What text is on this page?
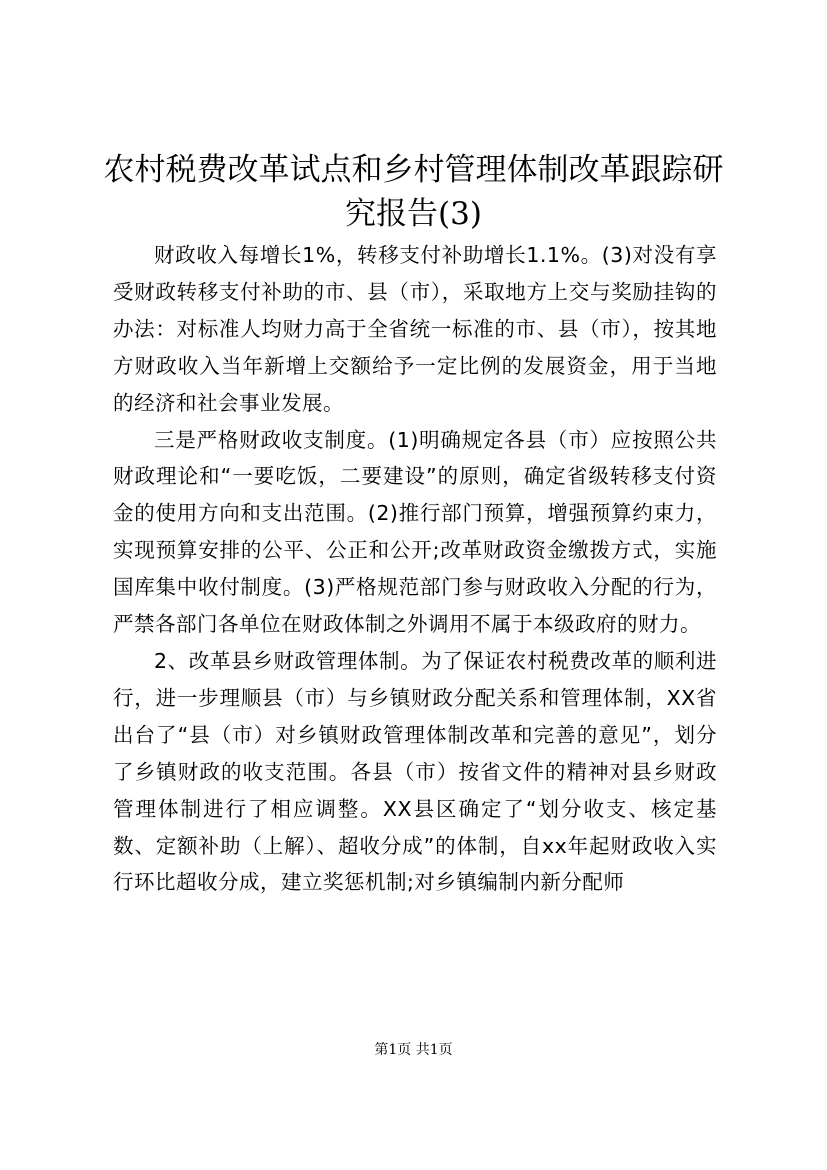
农村税费改革试点和乡村管理体制改革跟踪研究报告(3)

财政收入每增长1%，转移支付补助增长1.1%。(3)对没有享受财政转移支付补助的市、县（市），采取地方上交与奖励挂钩的办法：对标准人均财力高于全省统一标准的市、县（市），按其地方财政收入当年新增上交额给予一定比例的发展资金，用于当地的经济和社会事业发展。

三是严格财政收支制度。(1)明确规定各县（市）应按照公共财政理论和“一要吃饭，二要建设”的原则，确定省级转移支付资金的使用方向和支出范围。(2)推行部门预算，增强预算约束力，实现预算安排的公平、公正和公开;改革财政资金缴拨方式，实施国库集中收付制度。(3)严格规范部门参与财政收入分配的行为，严禁各部门各单位在财政体制之外调用不属于本级政府的财力。

2、改革县乡财政管理体制。为了保证农村税费改革的顺利进行，进一步理顺县（市）与乡镇财政分配关系和管理体制，XX省出台了“县（市）对乡镇财政管理体制改革和完善的意见”，划分了乡镇财政的收支范围。各县（市）按省文件的精神对县乡财政管理体制进行了相应调整。XX县区确定了“划分收支、核定基数、定额补助（上解）、超收分成”的体制，自xx年起财政收入实行环比超收分成，建立奖惩机制;对乡镇编制内新分配师

第1页 共1页
